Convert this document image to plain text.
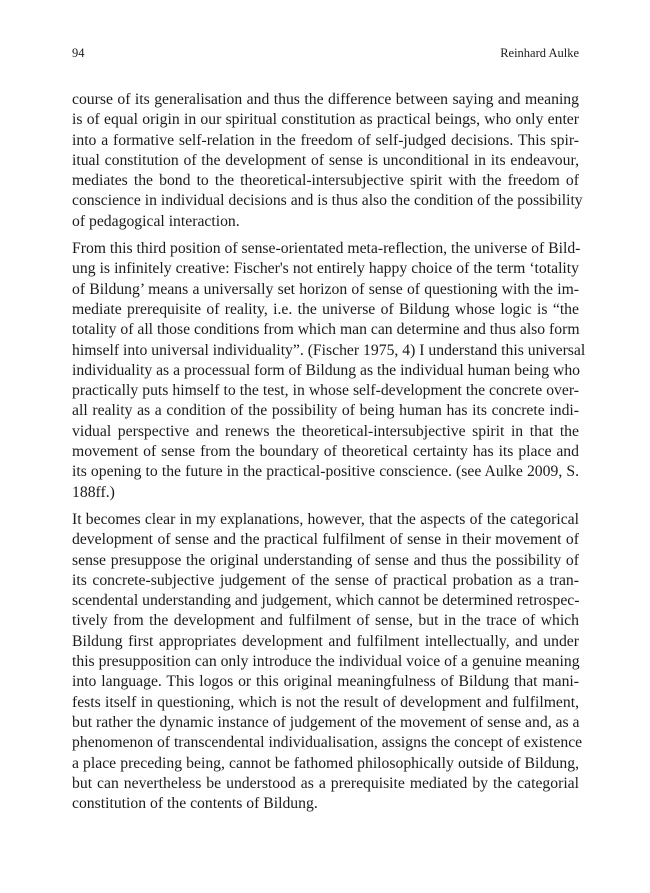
94	Reinhard Aulke
course of its generalisation and thus the difference between saying and meaning
is of equal origin in our spiritual constitution as practical beings, who only enter
into a formative self-relation in the freedom of self-judged decisions. This spir-
itual constitution of the development of sense is unconditional in its endeavour,
mediates the bond to the theoretical-intersubjective spirit with the freedom of
conscience in individual decisions and is thus also the condition of the possibility
of pedagogical interaction.
From this third position of sense-orientated meta-reflection, the universe of Bild-
ung is infinitely creative: Fischer's not entirely happy choice of the term ‘totality
of Bildung’ means a universally set horizon of sense of questioning with the im-
mediate prerequisite of reality, i.e. the universe of Bildung whose logic is “the
totality of all those conditions from which man can determine and thus also form
himself into universal individuality”. (Fischer 1975, 4) I understand this universal
individuality as a processual form of Bildung as the individual human being who
practically puts himself to the test, in whose self-development the concrete over-
all reality as a condition of the possibility of being human has its concrete indi-
vidual perspective and renews the theoretical-intersubjective spirit in that the
movement of sense from the boundary of theoretical certainty has its place and
its opening to the future in the practical-positive conscience. (see Aulke 2009, S.
188ff.)
It becomes clear in my explanations, however, that the aspects of the categorical
development of sense and the practical fulfilment of sense in their movement of
sense presuppose the original understanding of sense and thus the possibility of
its concrete-subjective judgement of the sense of practical probation as a tran-
scendental understanding and judgement, which cannot be determined retrospec-
tively from the development and fulfilment of sense, but in the trace of which
Bildung first appropriates development and fulfilment intellectually, and under
this presupposition can only introduce the individual voice of a genuine meaning
into language. This logos or this original meaningfulness of Bildung that mani-
fests itself in questioning, which is not the result of development and fulfilment,
but rather the dynamic instance of judgement of the movement of sense and, as a
phenomenon of transcendental individualisation, assigns the concept of existence
a place preceding being, cannot be fathomed philosophically outside of Bildung,
but can nevertheless be understood as a prerequisite mediated by the categorial
constitution of the contents of Bildung.
